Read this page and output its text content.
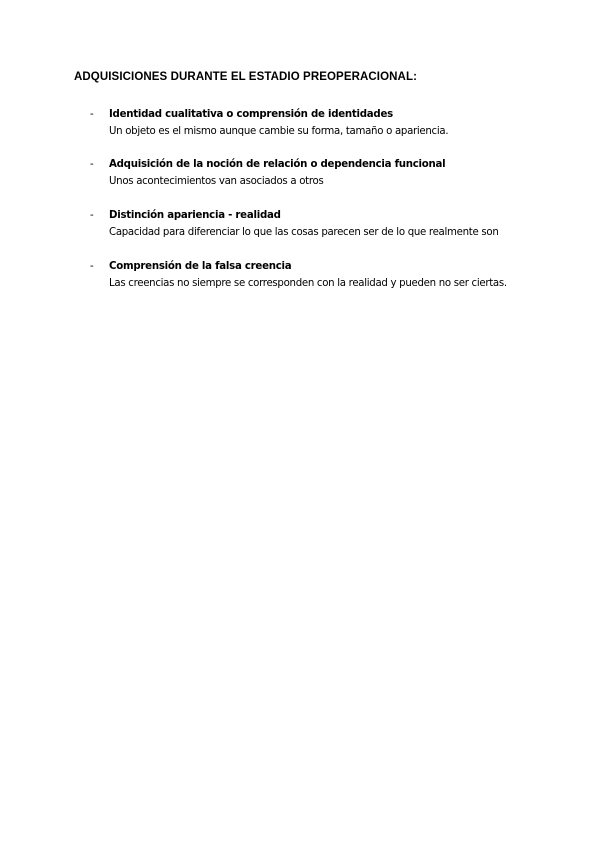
ADQUISICIONES DURANTE EL ESTADIO PREOPERACIONAL:
-	Identidad cualitativa o comprensión de identidades
Un objeto es el mismo aunque cambie su forma, tamaño o apariencia.
-	Adquisición de la noción de relación o dependencia funcional
Unos acontecimientos van asociados a otros
-	Distinción apariencia - realidad
Capacidad para diferenciar lo que las cosas parecen ser de lo que realmente son
-	Comprensión de la falsa creencia
Las creencias no siempre se corresponden con la realidad y pueden no ser ciertas.
